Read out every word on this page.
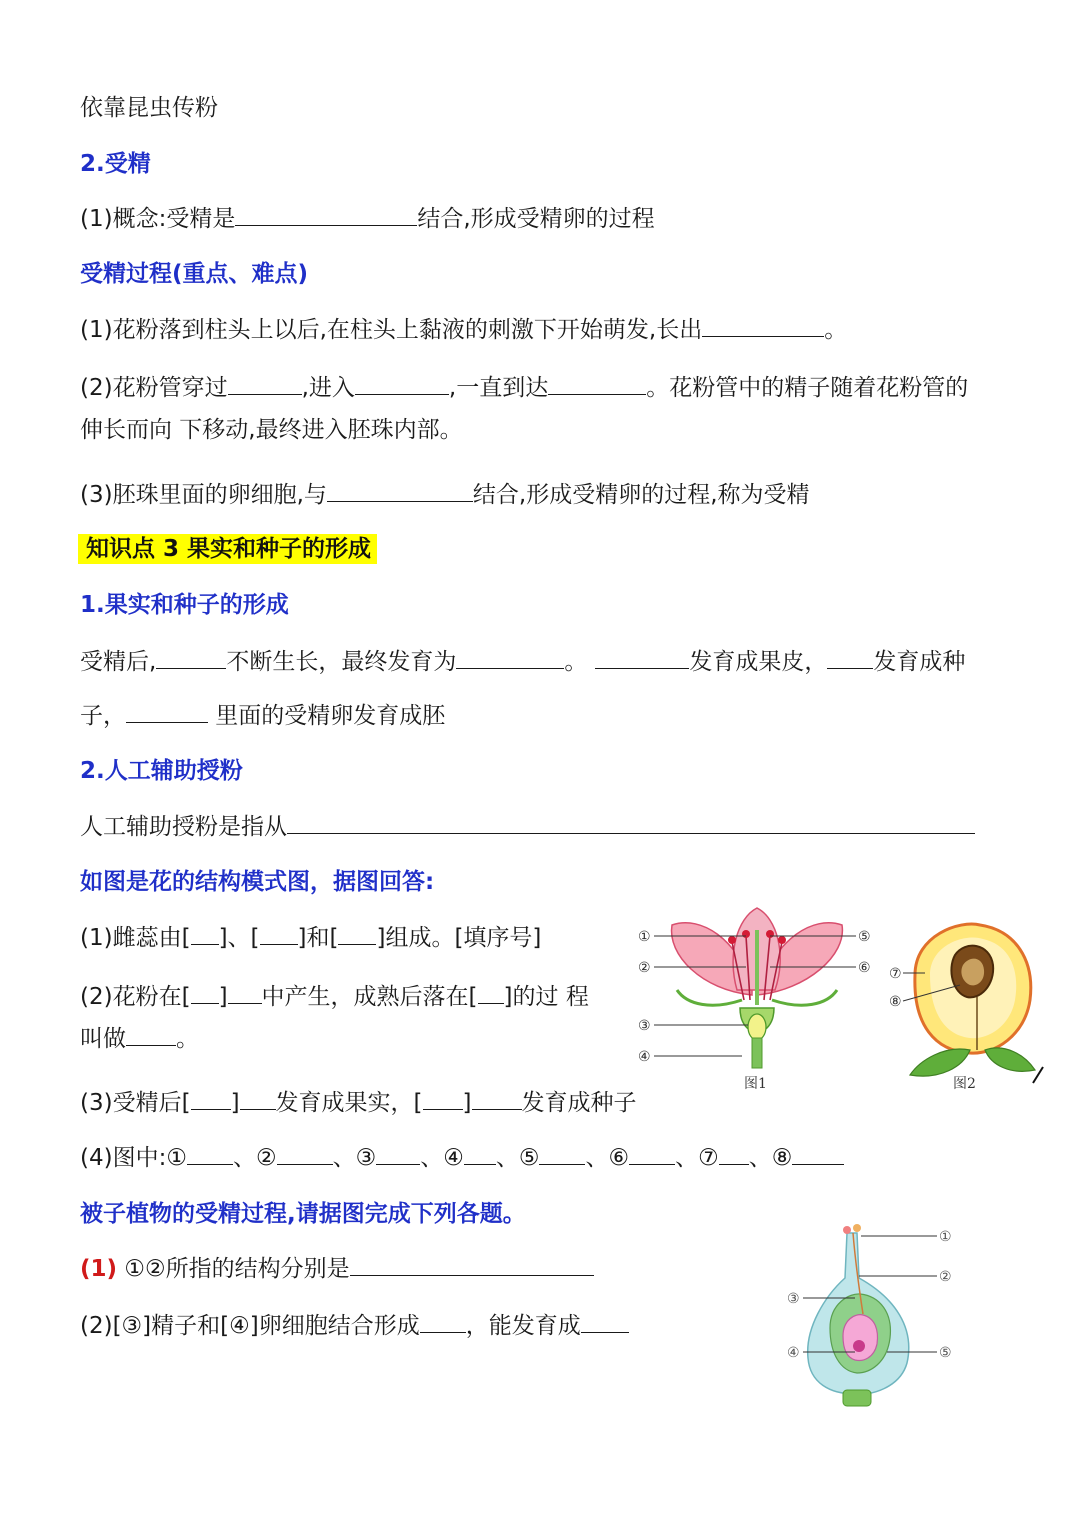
依靠昆虫传粉
2.受精
(1)概念:受精是	结合,形成受精卵的过程
受精过程(重点、难点)
(1)花粉落到柱头上以后,在柱头上黏液的刺激下开始萌发,长出	。
(2)花粉管穿过	,进入	,一直到达	。花粉管中的精子随着花粉管的
伸长而向 下移动,最终进入胚珠内部。
(3)胚珠里面的卵细胞,与	结合,形成受精卵的过程,称为受精
知识点 3 果实和种子的形成
1.果实和种子的形成
受精后,	不断生长，最终发育为	。	发育成果皮， 发育成种
子，	里面的受精卵发育成胚
2.人工辅助授粉
人工辅助授粉是指从
如图是花的结构模式图，据图回答:
(1)雌蕊由[ ]、[ ]和[ ]组成。[填序号]
(2)花粉在[ ] 中产生，成熟后落在[ ]的过 程
叫做 。
(3)受精后[ ] 发育成果实，[ ] 发育成种子
(4)图中:① 、② 、③ 、④ 、⑤ 、⑥ 、⑦ 、⑧
被子植物的受精过程,请据图完成下列各题。
(1) ①②所指的结构分别是
(2)[③]精子和[④]卵细胞结合形成 ，能发育成
①
②
③
④
⑤
⑥
图1
⑦
⑧
图2
①
②
③
④	⑤
